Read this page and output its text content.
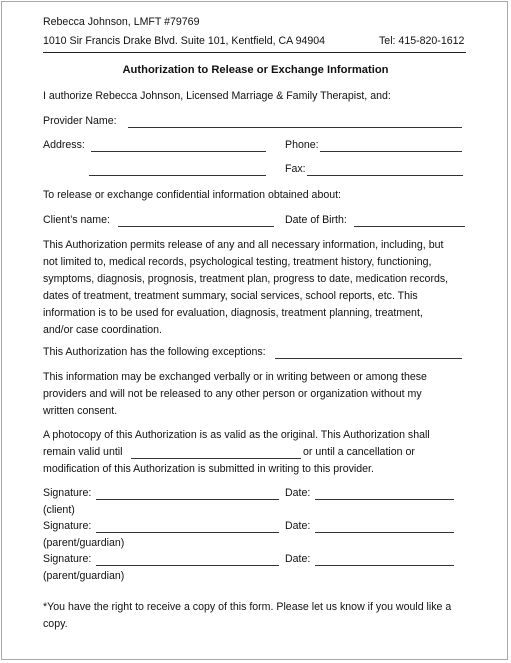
Rebecca Johnson, LMFT #79769
1010 Sir Francis Drake Blvd. Suite 101, Kentfield, CA 94904	Tel: 415-820-1612
Authorization to Release or Exchange Information
I authorize Rebecca Johnson, Licensed Marriage & Family Therapist, and:
Provider Name:
Address:	Phone:
Fax:
To release or exchange confidential information obtained about:
Client’s name:	Date of Birth:
This Authorization permits release of any and all necessary information, including, but
not limited to, medical records, psychological testing, treatment history, functioning,
symptoms, diagnosis, prognosis, treatment plan, progress to date, medication records,
dates of treatment, treatment summary, social services, school reports, etc. This
information is to be used for evaluation, diagnosis, treatment planning, treatment,
and/or case coordination.
This Authorization has the following exceptions:
This information may be exchanged verbally or in writing between or among these
providers and will not be released to any other person or organization without my
written consent.
A photocopy of this Authorization is as valid as the original. This Authorization shall
remain valid until	or until a cancellation or
modification of this Authorization is submitted in writing to this provider.
Signature:	Date:
(client)
Signature:	Date:
(parent/guardian)
Signature:	Date:
(parent/guardian)
*You have the right to receive a copy of this form. Please let us know if you would like a
copy.
